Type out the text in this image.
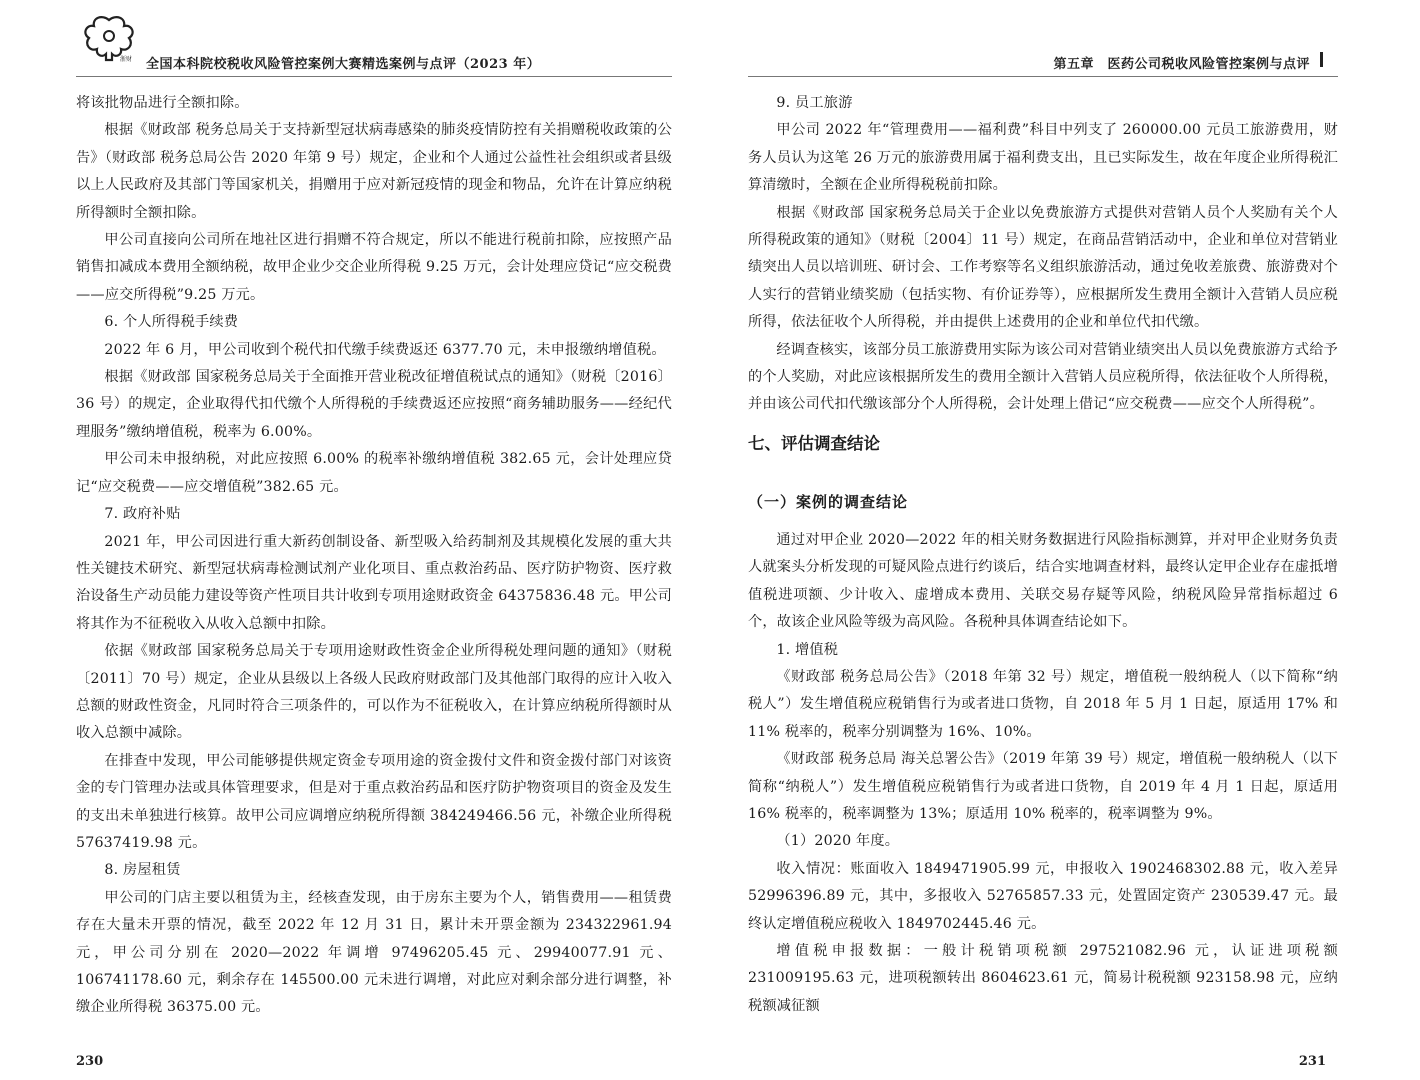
浙财 全国本科院校税收风险管控案例大赛精选案例与点评（2023 年）

将该批物品进行全额扣除。

根据《财政部 税务总局关于支持新型冠状病毒感染的肺炎疫情防控有关捐赠税收政策的公告》（财政部 税务总局公告 2020 年第 9 号）规定，企业和个人通过公益性社会组织或者县级以上人民政府及其部门等国家机关，捐赠用于应对新冠疫情的现金和物品，允许在计算应纳税所得额时全额扣除。

甲公司直接向公司所在地社区进行捐赠不符合规定，所以不能进行税前扣除，应按照产品销售扣减成本费用全额纳税，故甲企业少交企业所得税 9.25 万元，会计处理应贷记“应交税费——应交所得税”9.25 万元。

6. 个人所得税手续费

2022 年 6 月，甲公司收到个税代扣代缴手续费返还 6377.70 元，未申报缴纳增值税。

根据《财政部 国家税务总局关于全面推开营业税改征增值税试点的通知》（财税〔2016〕36 号）的规定，企业取得代扣代缴个人所得税的手续费返还应按照“商务辅助服务——经纪代理服务”缴纳增值税，税率为 6.00%。

甲公司未申报纳税，对此应按照 6.00% 的税率补缴纳增值税 382.65 元，会计处理应贷记“应交税费——应交增值税”382.65 元。

7. 政府补贴

2021 年，甲公司因进行重大新药创制设备、新型吸入给药制剂及其规模化发展的重大共性关键技术研究、新型冠状病毒检测试剂产业化项目、重点救治药品、医疗防护物资、医疗救治设备生产动员能力建设等资产性项目共计收到专项用途财政资金 64375836.48 元。甲公司将其作为不征税收入从收入总额中扣除。

依据《财政部 国家税务总局关于专项用途财政性资金企业所得税处理问题的通知》（财税〔2011〕70 号）规定，企业从县级以上各级人民政府财政部门及其他部门取得的应计入收入总额的财政性资金，凡同时符合三项条件的，可以作为不征税收入，在计算应纳税所得额时从收入总额中减除。

在排查中发现，甲公司能够提供规定资金专项用途的资金拨付文件和资金拨付部门对该资金的专门管理办法或具体管理要求，但是对于重点救治药品和医疗防护物资项目的资金及发生的支出未单独进行核算。故甲公司应调增应纳税所得额 384249466.56 元，补缴企业所得税 57637419.98 元。

8. 房屋租赁

甲公司的门店主要以租赁为主，经核查发现，由于房东主要为个人，销售费用——租赁费存在大量未开票的情况，截至 2022 年 12 月 31 日，累计未开票金额为 234322961.94 元，甲公司分别在 2020—2022 年调增 97496205.45 元、29940077.91 元、106741178.60 元，剩余存在 145500.00 元未进行调增，对此应对剩余部分进行调整，补缴企业所得税 36375.00 元。

230
第五章　医药公司税收风险管控案例与点评

9. 员工旅游

甲公司 2022 年“管理费用——福利费”科目中列支了 260000.00 元员工旅游费用，财务人员认为这笔 26 万元的旅游费用属于福利费支出，且已实际发生，故在年度企业所得税汇算清缴时，全额在企业所得税税前扣除。

根据《财政部 国家税务总局关于企业以免费旅游方式提供对营销人员个人奖励有关个人所得税政策的通知》（财税〔2004〕11 号）规定，在商品营销活动中，企业和单位对营销业绩突出人员以培训班、研讨会、工作考察等名义组织旅游活动，通过免收差旅费、旅游费对个人实行的营销业绩奖励（包括实物、有价证券等），应根据所发生费用全额计入营销人员应税所得，依法征收个人所得税，并由提供上述费用的企业和单位代扣代缴。

经调查核实，该部分员工旅游费用实际为该公司对营销业绩突出人员以免费旅游方式给予的个人奖励，对此应该根据所发生的费用全额计入营销人员应税所得，依法征收个人所得税，并由该公司代扣代缴该部分个人所得税，会计处理上借记“应交税费——应交个人所得税”。

七、评估调查结论
（一）案例的调查结论

通过对甲企业 2020—2022 年的相关财务数据进行风险指标测算，并对甲企业财务负责人就案头分析发现的可疑风险点进行约谈后，结合实地调查材料，最终认定甲企业存在虚抵增值税进项额、少计收入、虚增成本费用、关联交易存疑等风险，纳税风险异常指标超过 6 个，故该企业风险等级为高风险。各税种具体调查结论如下。

1. 增值税

《财政部 税务总局公告》（2018 年第 32 号）规定，增值税一般纳税人（以下简称“纳税人”）发生增值税应税销售行为或者进口货物，自 2018 年 5 月 1 日起，原适用 17% 和 11% 税率的，税率分别调整为 16%、10%。

《财政部 税务总局 海关总署公告》（2019 年第 39 号）规定，增值税一般纳税人（以下简称“纳税人”）发生增值税应税销售行为或者进口货物，自 2019 年 4 月 1 日起，原适用 16% 税率的，税率调整为 13%；原适用 10% 税率的，税率调整为 9%。

（1）2020 年度。

收入情况：账面收入 1849471905.99 元，申报收入 1902468302.88 元，收入差异 52996396.89 元，其中，多报收入 52765857.33 元，处置固定资产 230539.47 元。最终认定增值税应税收入 1849702445.46 元。

增值税申报数据：一般计税销项税额 297521082.96 元，认证进项税额 231009195.63 元，进项税额转出 8604623.61 元，简易计税税额 923158.98 元，应纳税额减征额

231
